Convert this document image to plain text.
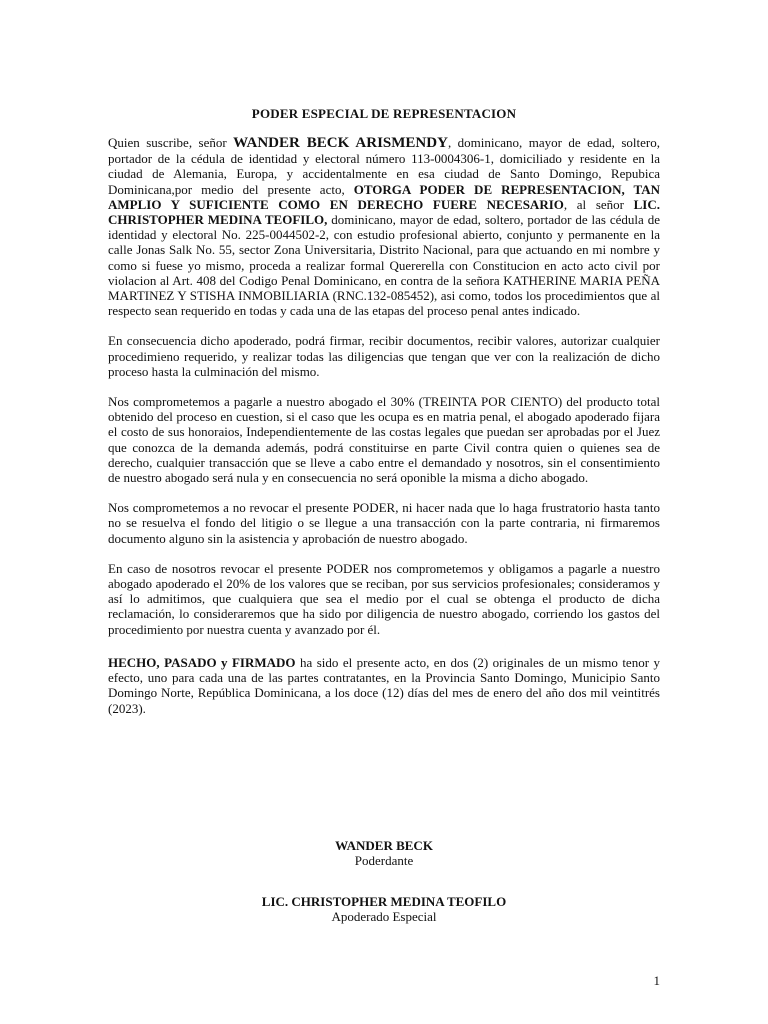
PODER ESPECIAL DE REPRESENTACION

Quien suscribe, señor WANDER BECK ARISMENDY, dominicano, mayor de edad, soltero, portador de la cédula de identidad y electoral número 113-0004306-1, domiciliado y residente en la ciudad de Alemania, Europa, y accidentalmente en esa ciudad de Santo Domingo, Repubica Dominicana,por medio del presente acto, OTORGA PODER DE REPRESENTACION, TAN AMPLIO Y SUFICIENTE COMO EN DERECHO FUERE NECESARIO, al señor LIC. CHRISTOPHER MEDINA TEOFILO, dominicano, mayor de edad, soltero, portador de las cédula de identidad y electoral No. 225-0044502-2, con estudio profesional abierto, conjunto y permanente en la calle Jonas Salk No. 55, sector Zona Universitaria, Distrito Nacional, para que actuando en mi nombre y como si fuese yo mismo, proceda a realizar formal Quererella con Constitucion en acto acto civil por violacion al Art. 408 del Codigo Penal Dominicano, en contra de la señora KATHERINE MARIA PEÑA MARTINEZ Y STISHA INMOBILIARIA (RNC.132-085452), asi como, todos los procedimientos que al respecto sean requerido en todas y cada una de las etapas del proceso penal antes indicado.

En consecuencia dicho apoderado, podrá firmar, recibir documentos, recibir valores, autorizar cualquier procedimieno requerido, y realizar todas las diligencias que tengan que ver con la realización de dicho proceso hasta la culminación del mismo.

Nos comprometemos a pagarle a nuestro abogado el 30% (TREINTA POR CIENTO) del producto total obtenido del proceso en cuestion, si el caso que les ocupa es en matria penal, el abogado apoderado fijara el costo de sus honoraios, Independientemente de las costas legales que puedan ser aprobadas por el Juez que conozca de la demanda además, podrá constituirse en parte Civil contra quien o quienes sea de derecho, cualquier transacción que se lleve a cabo entre el demandado y nosotros, sin el consentimiento de nuestro abogado será nula y en consecuencia no será oponible la misma a dicho abogado.

Nos comprometemos a no revocar el presente PODER, ni hacer nada que lo haga frustratorio hasta tanto no se resuelva el fondo del litigio o se llegue a una transacción con la parte contraria, ni firmaremos documento alguno sin la asistencia y aprobación de nuestro abogado.

En caso de nosotros revocar el presente PODER nos comprometemos y obligamos a pagarle a nuestro abogado apoderado el 20% de los valores que se reciban, por sus servicios profesionales; consideramos y así lo admitimos, que cualquiera que sea el medio por el cual se obtenga el producto de dicha reclamación, lo consideraremos que ha sido por diligencia de nuestro abogado, corriendo los gastos del procedimiento por nuestra cuenta y avanzado por él.

HECHO, PASADO y FIRMADO ha sido el presente acto, en dos (2) originales de un mismo tenor y efecto, uno para cada una de las partes contratantes, en la Provincia Santo Domingo, Municipio Santo Domingo Norte, República Dominicana, a los doce (12) días del mes de enero del año dos mil veintitrés (2023).

WANDER BECK
Poderdante
LIC. CHRISTOPHER MEDINA TEOFILO
Apoderado Especial
1
